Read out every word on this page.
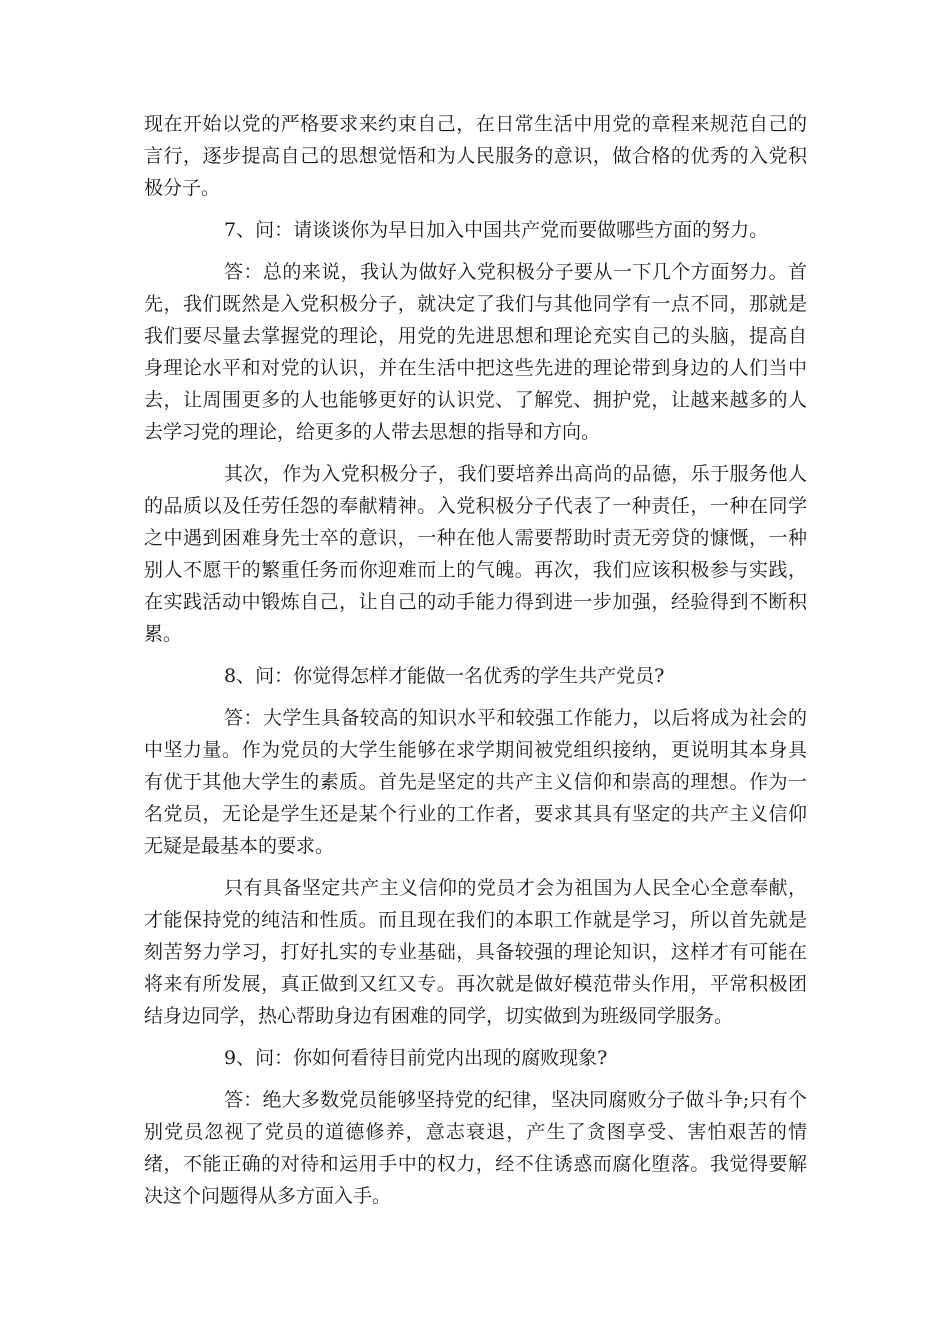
现在开始以党的严格要求来约束自己，在日常生活中用党的章程来规范自己的言行，逐步提高自己的思想觉悟和为人民服务的意识，做合格的优秀的入党积极分子。

7、问：请谈谈你为早日加入中国共产党而要做哪些方面的努力。

答：总的来说，我认为做好入党积极分子要从一下几个方面努力。首先，我们既然是入党积极分子，就决定了我们与其他同学有一点不同，那就是我们要尽量去掌握党的理论，用党的先进思想和理论充实自己的头脑，提高自身理论水平和对党的认识，并在生活中把这些先进的理论带到身边的人们当中去，让周围更多的人也能够更好的认识党、了解党、拥护党，让越来越多的人去学习党的理论，给更多的人带去思想的指导和方向。

其次，作为入党积极分子，我们要培养出高尚的品德，乐于服务他人的品质以及任劳任怨的奉献精神。入党积极分子代表了一种责任，一种在同学之中遇到困难身先士卒的意识，一种在他人需要帮助时责无旁贷的慷慨，一种别人不愿干的繁重任务而你迎难而上的气魄。再次，我们应该积极参与实践，在实践活动中锻炼自己，让自己的动手能力得到进一步加强，经验得到不断积累。

8、问：你觉得怎样才能做一名优秀的学生共产党员?

答：大学生具备较高的知识水平和较强工作能力，以后将成为社会的中坚力量。作为党员的大学生能够在求学期间被党组织接纳，更说明其本身具有优于其他大学生的素质。首先是坚定的共产主义信仰和崇高的理想。作为一名党员，无论是学生还是某个行业的工作者，要求其具有坚定的共产主义信仰无疑是最基本的要求。

只有具备坚定共产主义信仰的党员才会为祖国为人民全心全意奉献，才能保持党的纯洁和性质。而且现在我们的本职工作就是学习，所以首先就是刻苦努力学习，打好扎实的专业基础，具备较强的理论知识，这样才有可能在将来有所发展，真正做到又红又专。再次就是做好模范带头作用，平常积极团结身边同学，热心帮助身边有困难的同学，切实做到为班级同学服务。

9、问：你如何看待目前党内出现的腐败现象?

答：绝大多数党员能够坚持党的纪律，坚决同腐败分子做斗争;只有个别党员忽视了党员的道德修养，意志衰退，产生了贪图享受、害怕艰苦的情绪，不能正确的对待和运用手中的权力，经不住诱惑而腐化堕落。我觉得要解决这个问题得从多方面入手。
